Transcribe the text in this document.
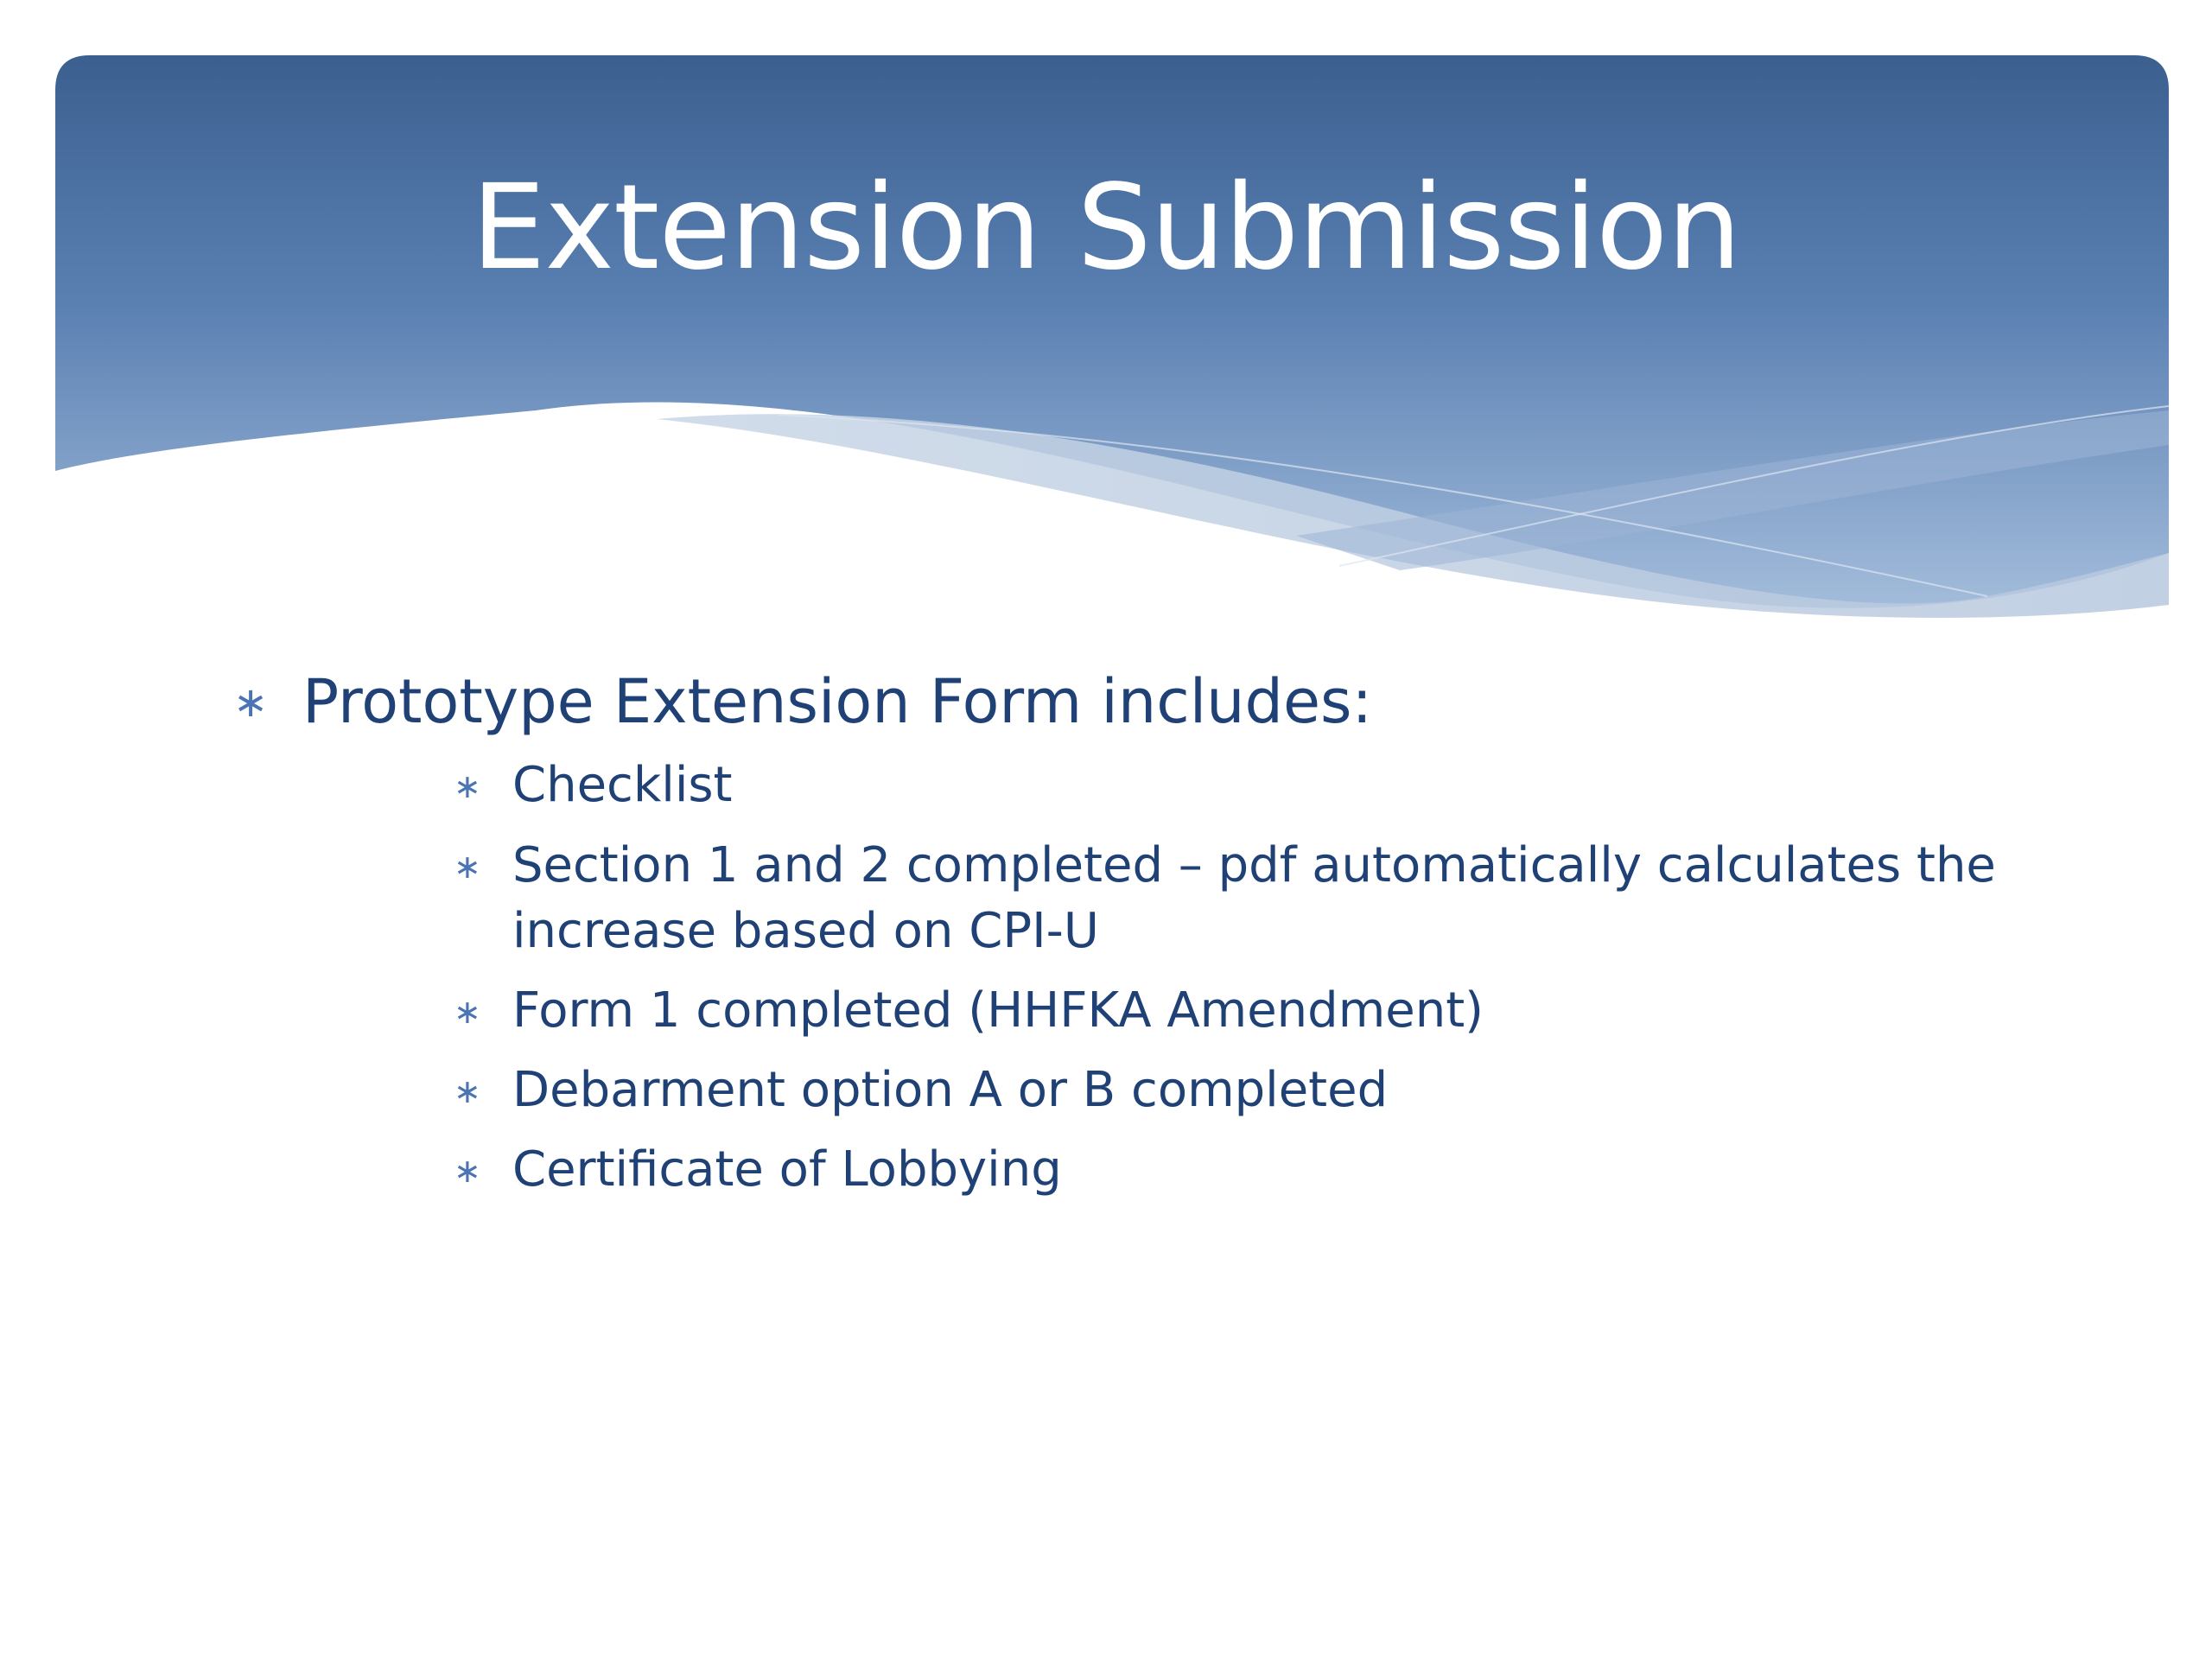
Extension Submission
∗ Prototype Extension Form includes:
∗ Checklist
∗ Section 1 and 2 completed – pdf automatically calculates the increase based on CPI-U
∗ Form 1 completed (HHFKA Amendment)
∗ Debarment option A or B completed
∗ Certificate of Lobbying
